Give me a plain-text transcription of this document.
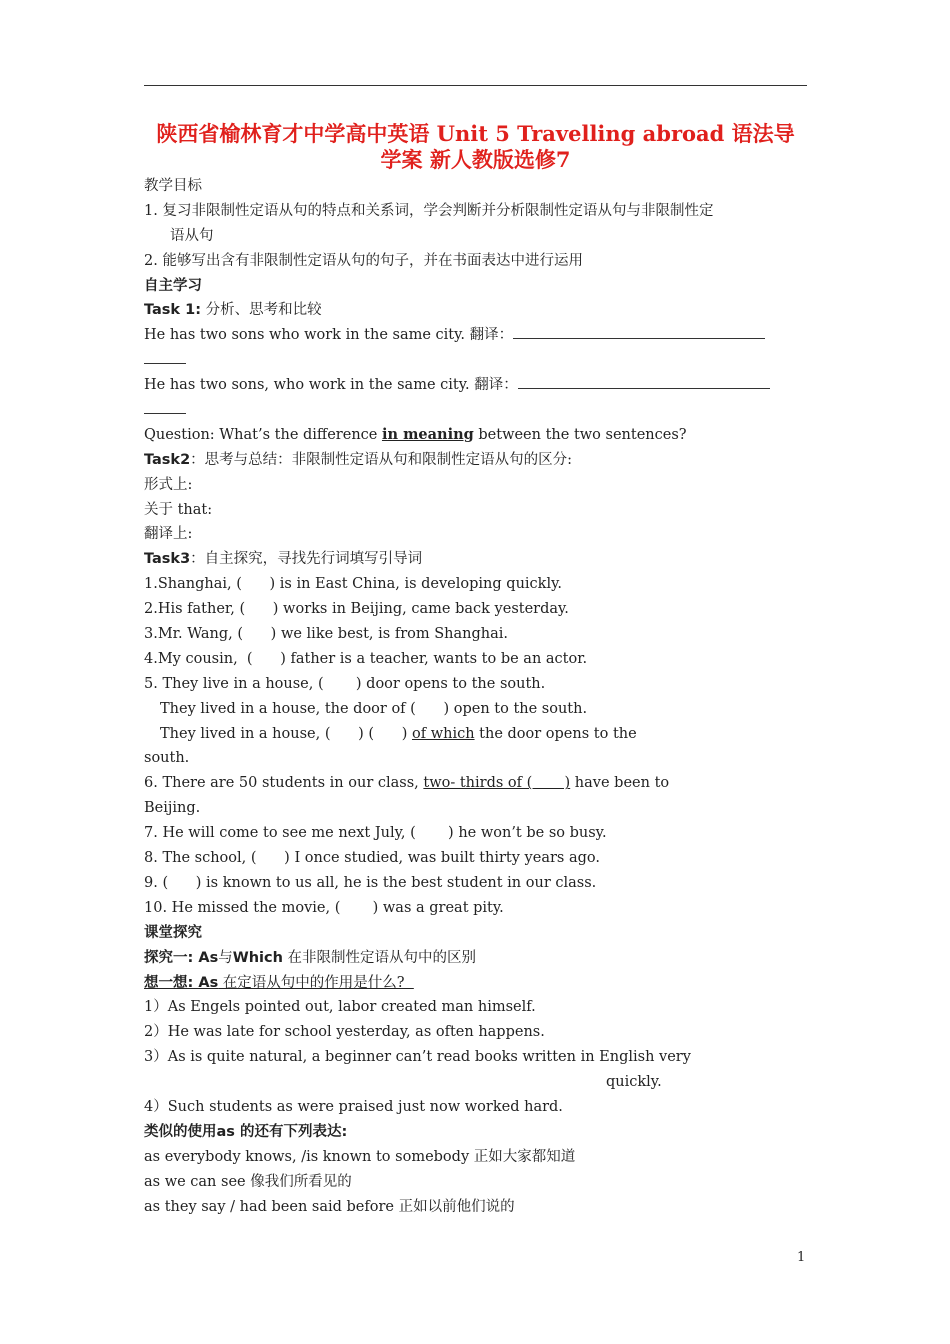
陕西省榆林育才中学高中英语 Unit 5 Travelling abroad 语法导
学案 新人教版选修7
教学目标
1. 复习非限制性定语从句的特点和关系词，学会判断并分析限制性定语从句与非限制性定
语从句
2. 能够写出含有非限制性定语从句的句子，并在书面表达中进行运用
自主学习
Task 1: 分析、思考和比较
He has two sons who work in the same city. 翻译：
He has two sons, who work in the same city. 翻译：
Question: What’s the difference in meaning between the two sentences?
Task2：思考与总结：非限制性定语从句和限制性定语从句的区分:
形式上:
关于 that:
翻译上:
Task3：自主探究，寻找先行词填写引导词
1.Shanghai, (      ) is in East China, is developing quickly.
2.His father, (      ) works in Beijing, came back yesterday.
3.Mr. Wang, (      ) we like best, is from Shanghai.
4.My cousin,  (      ) father is a teacher, wants to be an actor.
5. They live in a house, (       ) door opens to the south.
They lived in a house, the door of (      ) open to the south.
They lived in a house, (      ) (      ) of which the door opens to the
south.
6. There are 50 students in our class, two- thirds of (       ) have been to
Beijing.
7. He will come to see me next July, (       ) he won’t be so busy.
8. The school, (      ) I once studied, was built thirty years ago.
9. (      ) is known to us all, he is the best student in our class.
10. He missed the movie, (       ) was a great pity.
课堂探究
探究一: As与Which 在非限制性定语从句中的区别
想一想: As 在定语从句中的作用是什么?
1）As Engels pointed out, labor created man himself.
2）He was late for school yesterday, as often happens.
3）As is quite natural, a beginner can’t read books written in English very
quickly.
4）Such students as were praised just now worked hard.
类似的使用as 的还有下列表达:
as everybody knows, /is known to somebody 正如大家都知道
as we can see 像我们所看见的
as they say / had been said before 正如以前他们说的
1
